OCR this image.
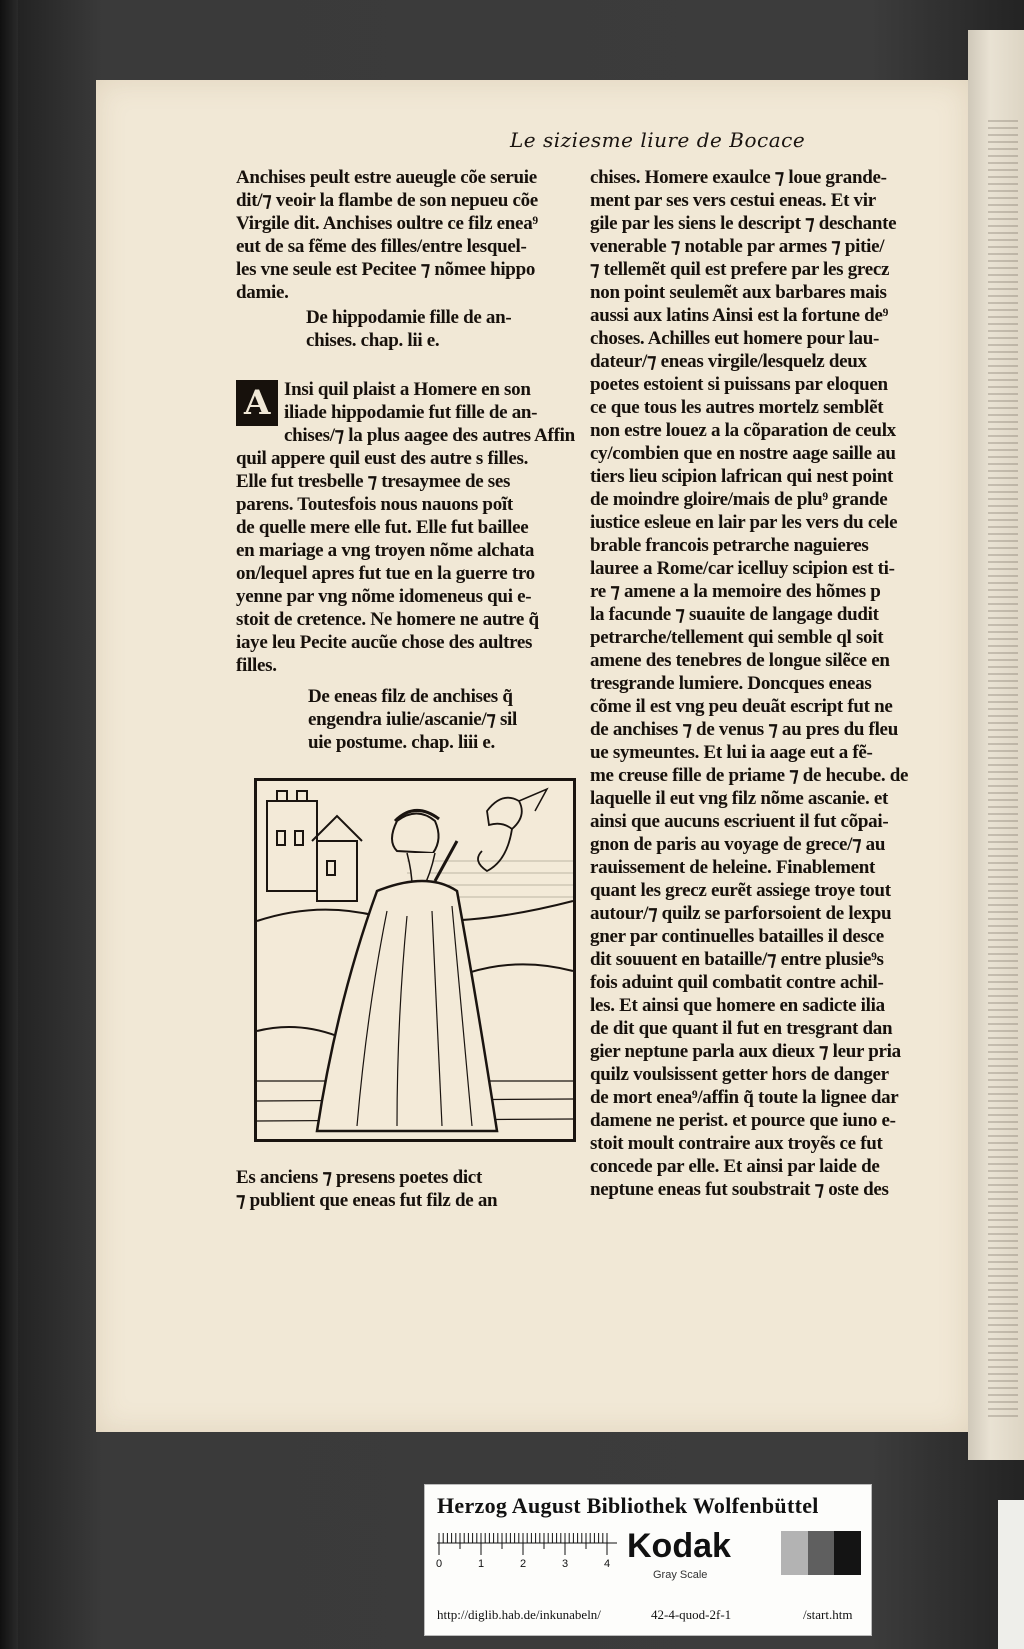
Le siziesme liure de Bocace
Anchises peult estre aueugle cõe seruie
dit/⁊ veoir la flambe de son nepueu cõe
Virgile dit. Anchises oultre ce filz enea⁹
eut de sa fẽme des filles/entre lesquel-
les vne seule est Pecitee ⁊ nõmee hippo
damie.
De hippodamie fille de an-
chises. chap. lii e.
A Insi quil plaist a Homere en son
iliade hippodamie fut fille de an-
chises/⁊ la plus aagee des autres Affin
quil appere quil eust des autre s filles.
Elle fut tresbelle ⁊ tresaymee de ses
parens. Toutesfois nous nauons poĩt
de quelle mere elle fut. Elle fut baillee
en mariage a vng troyen nõme alchata
on/lequel apres fut tue en la guerre tro
yenne par vng nõme idomeneus qui e-
stoit de cretence. Ne homere ne autre q̃
iaye leu Pecite aucũe chose des aultres
filles.
De eneas filz de anchises q̃
engendra iulie/ascanie/⁊ sil
uie postume. chap. liii e.
Es anciens ⁊ presens poetes dict
⁊ publient que eneas fut filz de an
chises. Homere exaulce ⁊ loue grande-
ment par ses vers cestui eneas. Et vir
gile par les siens le descript ⁊ deschante
venerable ⁊ notable par armes ⁊ pitie/
⁊ tellemẽt quil est prefere par les grecz
non point seulemẽt aux barbares mais
aussi aux latins Ainsi est la fortune de⁹
choses. Achilles eut homere pour lau-
dateur/⁊ eneas virgile/lesquelz deux
poetes estoient si puissans par eloquen
ce que tous les autres mortelz semblẽt
non estre louez a la cõparation de ceulx
cy/combien que en nostre aage saille au
tiers lieu scipion lafrican qui nest point
de moindre gloire/mais de plu⁹ grande
iustice esleue en lair par les vers du cele
brable francois petrarche naguieres
lauree a Rome/car icelluy scipion est ti-
re ⁊ amene a la memoire des hõmes p
la facunde ⁊ suauite de langage dudit
petrarche/tellement qui semble ql soit
amene des tenebres de longue silẽce en
tresgrande lumiere. Doncques eneas
cõme il est vng peu deuãt escript fut ne
de anchises ⁊ de venus ⁊ au pres du fleu
ue symeuntes. Et lui ia aage eut a fẽ-
me creuse fille de priame ⁊ de hecube. de
laquelle il eut vng filz nõme ascanie. et
ainsi que aucuns escriuent il fut cõpai-
gnon de paris au voyage de grece/⁊ au
rauissement de heleine. Finablement
quant les grecz eurẽt assiege troye tout
autour/⁊ quilz se parforsoient de lexpu
gner par continuelles batailles il desce
dit souuent en bataille/⁊ entre plusie⁹s
fois aduint quil combatit contre achil-
les. Et ainsi que homere en sadicte ilia
de dit que quant il fut en tresgrant dan
gier neptune parla aux dieux ⁊ leur pria
quilz voulsissent getter hors de danger
de mort enea⁹/affin q̃ toute la lignee dar
damene ne perist. et pource que iuno e-
stoit moult contraire aux troyẽs ce fut
concede par elle. Et ainsi par laide de
neptune eneas fut soubstrait ⁊ oste des
Herzog August Bibliothek Wolfenbüttel
0	1	2	3	4 Kodak
Gray Scale
http://diglib.hab.de/inkunabeln/	42-4-quod-2f-1	/start.htm
